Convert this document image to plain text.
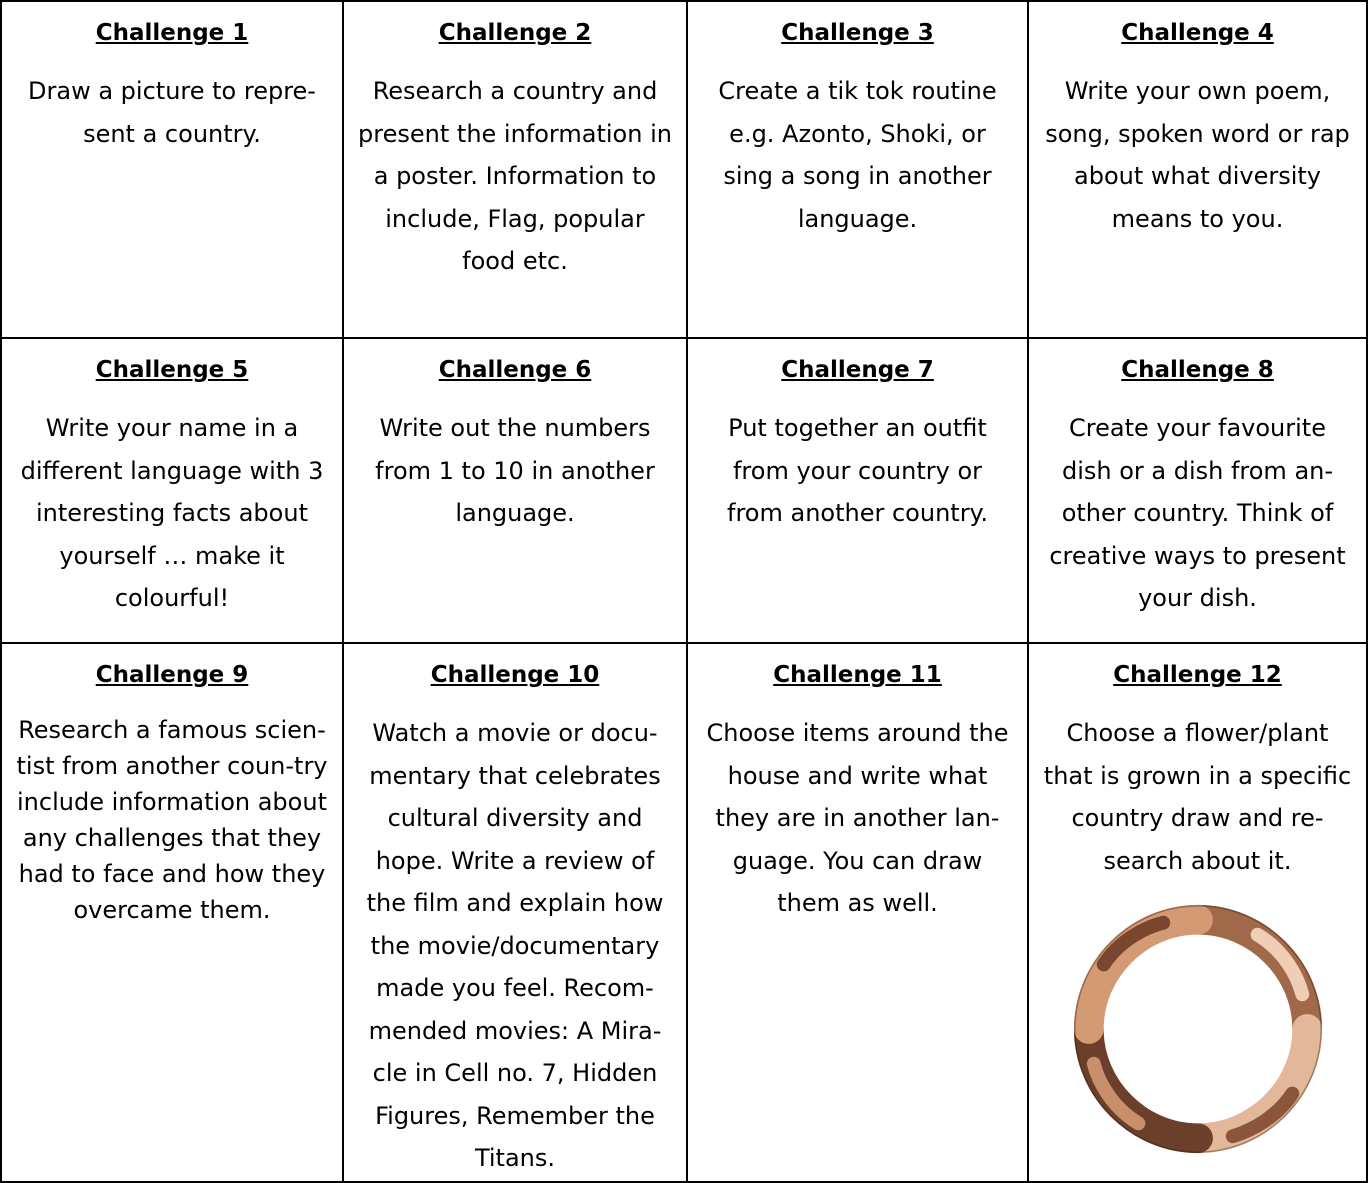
Challenge 1

Draw a picture to repre-sent a country.

Challenge 2

Research a country and present the information in a poster. Information to include, Flag, popular food etc.

Challenge 3

Create a tik tok routine e.g. Azonto, Shoki, or sing a song in another language.

Challenge 4

Write your own poem, song, spoken word or rap about what diversity means to you.

Challenge 5

Write your name in a different language with 3 interesting facts about yourself … make it colourful!

Challenge 6

Write out the numbers from 1 to 10 in another language.

Challenge 7

Put together an outfit from your country or from another country.

Challenge 8

Create your favourite dish or a dish from an-other country. Think of creative ways to present your dish.

Challenge 9

Research a famous scien-tist from another coun-try include information about any challenges that they had to face and how they overcame them.

Challenge 10

Watch a movie or docu-mentary that celebrates cultural diversity and hope. Write a review of the film and explain how the movie/documentary made you feel. Recom-mended movies: A Mira-cle in Cell no. 7, Hidden Figures, Remember the Titans.

Challenge 11

Choose items around the house and write what they are in another lan-guage. You can draw them as well.

Challenge 12

Choose a flower/plant that is grown in a specific country draw and re-search about it.
